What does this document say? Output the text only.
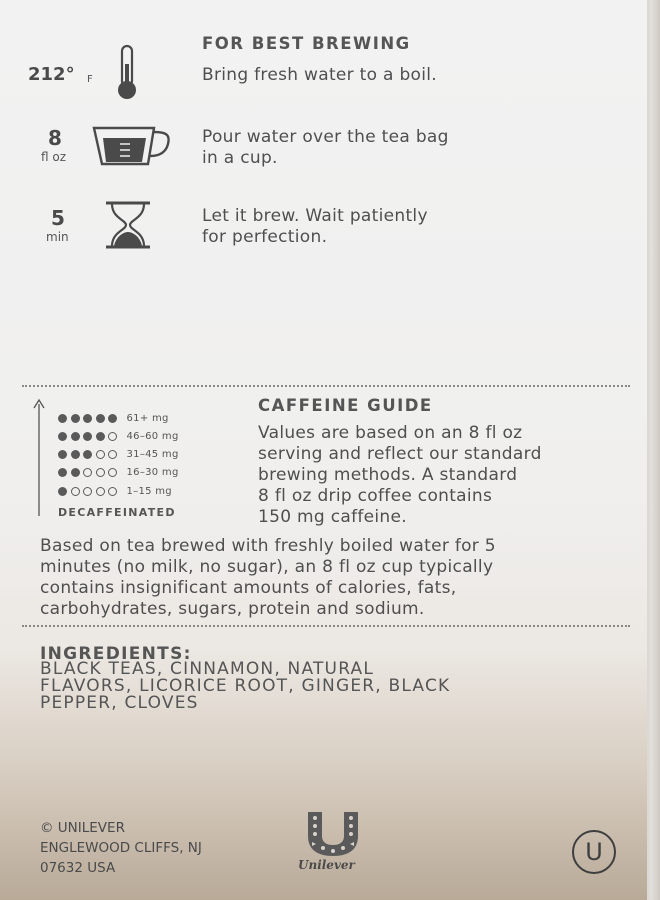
FOR BEST BREWING
212° F	Bring fresh water to a boil.
8
fl oz
Pour water over the tea bag
in a cup.
5
min
Let it brew. Wait patiently
for perfection.
61+ mg
46–60 mg
31–45 mg
16–30 mg
1–15 mg
DECAFFEINATED
CAFFEINE GUIDE
Values are based on an 8 fl oz
serving and reflect our standard
brewing methods. A standard
8 fl oz drip coffee contains
150 mg caffeine.
Based on tea brewed with freshly boiled water for 5
minutes (no milk, no sugar), an 8 fl oz cup typically
contains insignificant amounts of calories, fats,
carbohydrates, sugars, protein and sodium.
INGREDIENTS:
BLACK TEAS, CINNAMON, NATURAL
FLAVORS, LICORICE ROOT, GINGER, BLACK
PEPPER, CLOVES
© UNILEVER
ENGLEWOOD CLIFFS, NJ
07632 USA	Unilever	U
